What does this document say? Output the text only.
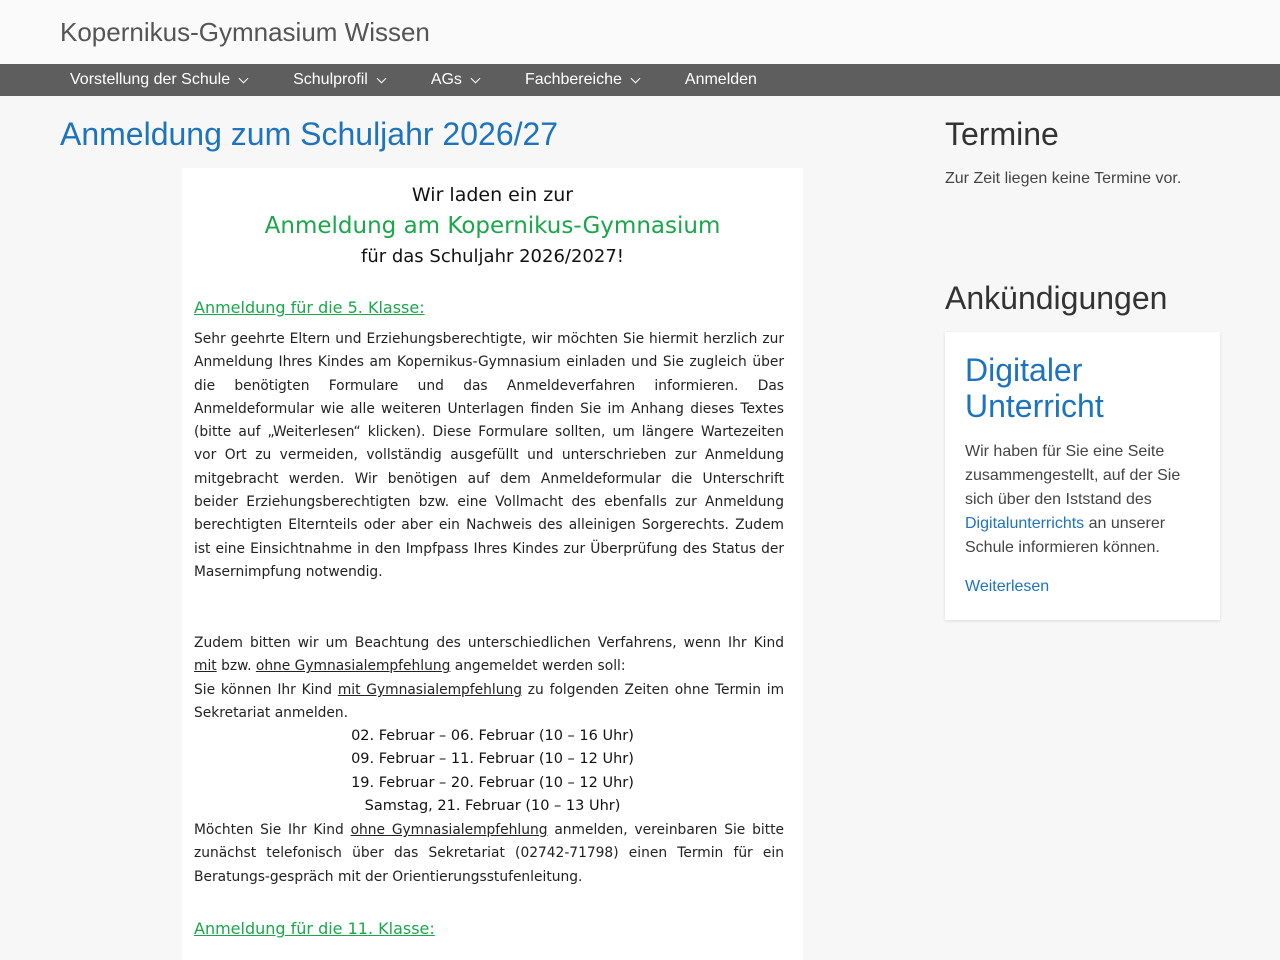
Kopernikus-Gymnasium Wissen
Vorstellung der Schule	Schulprofil	AGs	Fachbereiche	Anmelden
Anmeldung zum Schuljahr 2026/27
Wir laden ein zur
Anmeldung am Kopernikus-Gymnasium
für das Schuljahr 2026/2027!
Anmeldung für die 5. Klasse:
Sehr geehrte Eltern und Erziehungsberechtigte, wir möchten Sie hiermit herzlich zur Anmeldung Ihres Kindes am Kopernikus-Gymnasium einladen und Sie zugleich über die benötigten Formulare und das Anmeldeverfahren informieren. Das Anmeldeformular wie alle weiteren Unterlagen finden Sie im Anhang dieses Textes (bitte auf „Weiterlesen“ klicken). Diese Formulare sollten, um längere Wartezeiten vor Ort zu vermeiden, vollständig ausgefüllt und unterschrieben zur Anmeldung mitgebracht werden. Wir benötigen auf dem Anmeldeformular die Unterschrift beider Erziehungsberechtigten bzw. eine Vollmacht des ebenfalls zur Anmeldung berechtigten Elternteils oder aber ein Nachweis des alleinigen Sorgerechts. Zudem ist eine Einsichtnahme in den Impfpass Ihres Kindes zur Überprüfung des Status der Masernimpfung notwendig.
Zudem bitten wir um Beachtung des unterschiedlichen Verfahrens, wenn Ihr Kind mit bzw. ohne Gymnasialempfehlung angemeldet werden soll:
Sie können Ihr Kind mit Gymnasialempfehlung zu folgenden Zeiten ohne Termin im Sekretariat anmelden.
02. Februar – 06. Februar (10 – 16 Uhr)
09. Februar – 11. Februar (10 – 12 Uhr)
19. Februar – 20. Februar (10 – 12 Uhr)
Samstag, 21. Februar (10 – 13 Uhr)
Möchten Sie Ihr Kind ohne Gymnasialempfehlung anmelden, vereinbaren Sie bitte zunächst telefonisch über das Sekretariat (02742-71798) einen Termin für ein Beratungs-gespräch mit der Orientierungsstufenleitung.
Anmeldung für die 11. Klasse:
Termine

Zur Zeit liegen keine Termine vor.

Ankündigungen
Digitaler Unterricht

Wir haben für Sie eine Seite zusammengestellt, auf der Sie sich über den Iststand des Digitalunterrichts an unserer Schule informieren können.

Weiterlesen
